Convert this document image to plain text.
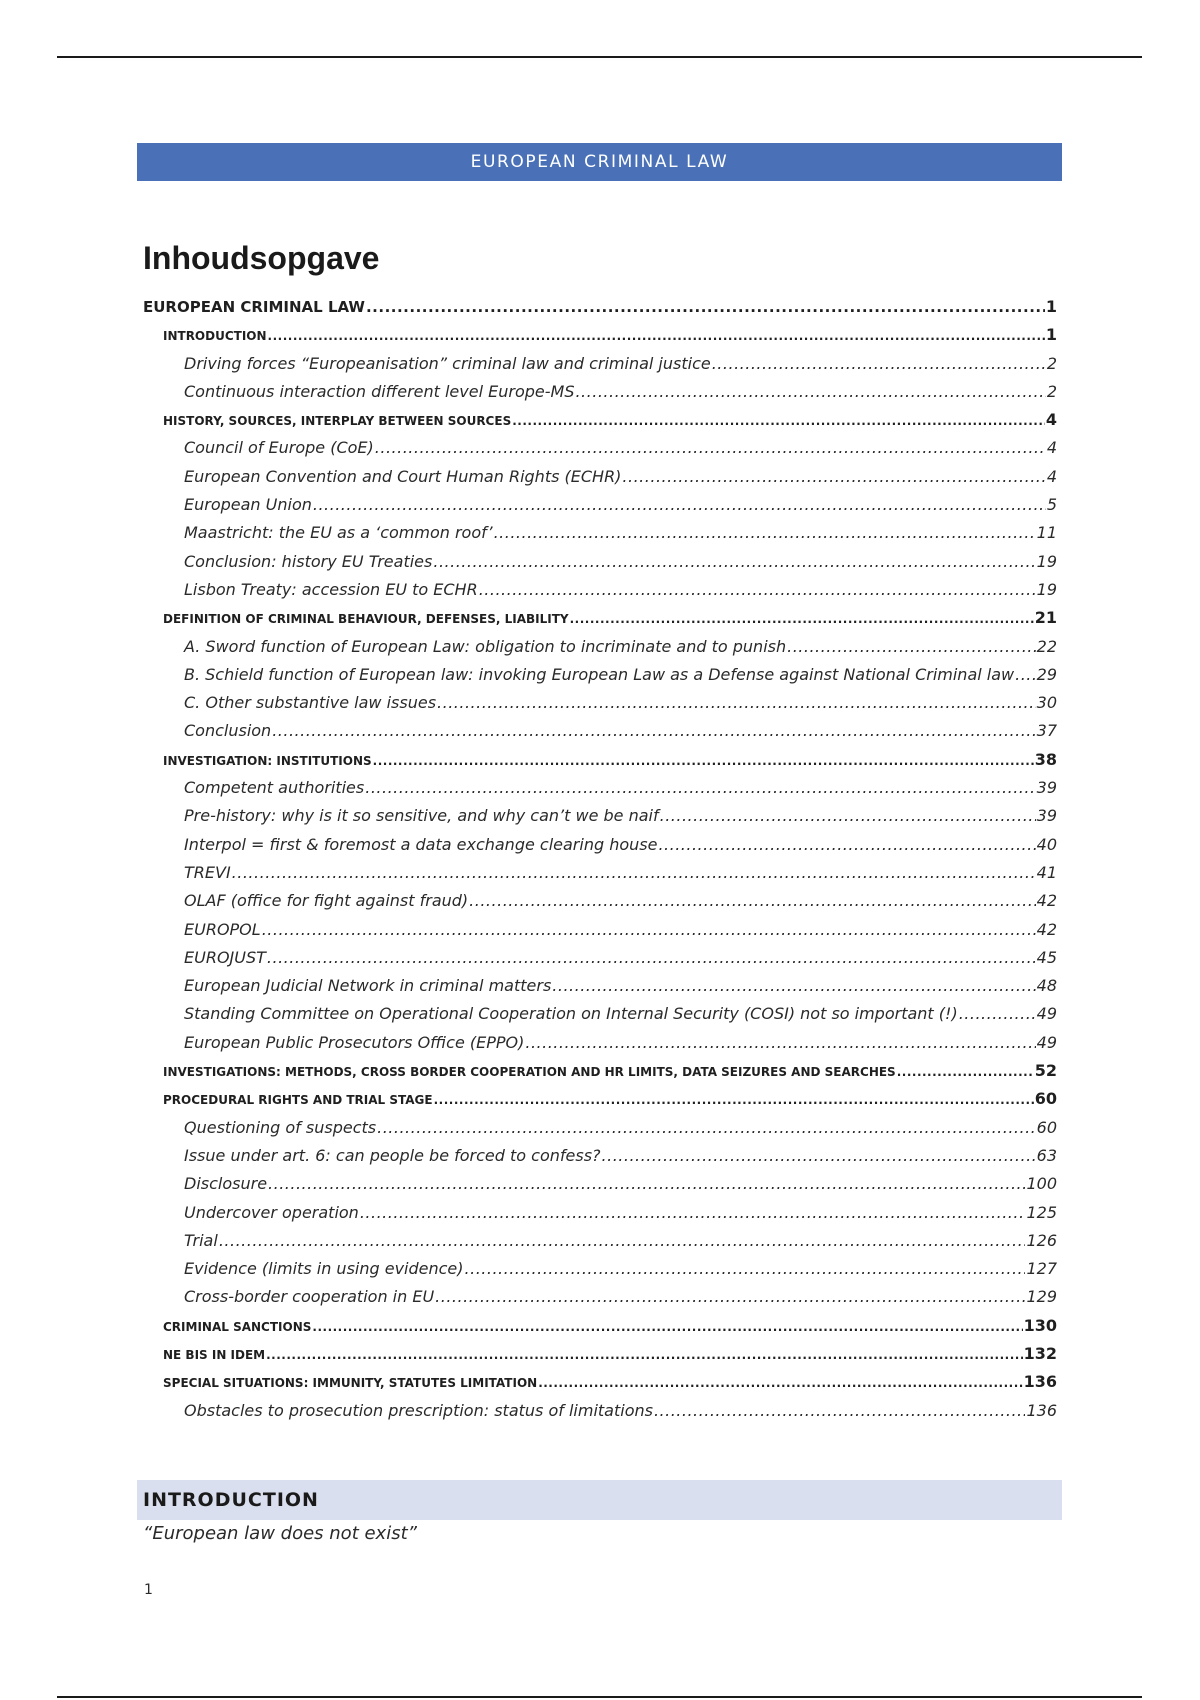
EUROPEAN CRIMINAL LAW
Inhoudsopgave
EUROPEAN CRIMINAL LAW .....	1
INTRODUCTION .....	1
Driving forces “Europeanisation” criminal law and criminal justice .....	2
Continuous interaction different level Europe-MS .....	2
HISTORY, SOURCES, INTERPLAY BETWEEN SOURCES .....	4
Council of Europe (CoE) .....	4
European Convention and Court Human Rights (ECHR) .....	4
European Union .....	5
Maastricht: the EU as a ‘common roof’ .....	11
Conclusion: history EU Treaties .....	19
Lisbon Treaty: accession EU to ECHR .....	19
DEFINITION OF CRIMINAL BEHAVIOUR, DEFENSES, LIABILITY .....	21
A. Sword function of European Law: obligation to incriminate and to punish .....	22
B. Schield function of European law: invoking European Law as a Defense against National Criminal law ..... 29
C. Other substantive law issues .....	30
Conclusion .....	37
INVESTIGATION: INSTITUTIONS .....	38
Competent authorities .....	39
Pre-history: why is it so sensitive, and why can’t we be naif .....	39
Interpol = first & foremost a data exchange clearing house .....	40
TREVI .....	41
OLAF (office for fight against fraud) .....	42
EUROPOL .....	42
EUROJUST .....	45
European Judicial Network in criminal matters .....	48
Standing Committee on Operational Cooperation on Internal Security (COSI) not so important (!) .....	49
European Public Prosecutors Office (EPPO) .....	49
INVESTIGATIONS: METHODS, CROSS BORDER COOPERATION AND HR LIMITS, DATA SEIZURES AND SEARCHES .....	52
PROCEDURAL RIGHTS AND TRIAL STAGE .....	60
Questioning of suspects .....	60
Issue under art. 6: can people be forced to confess? .....	63
Disclosure .....	100
Undercover operation .....	125
Trial .....	126
Evidence (limits in using evidence) .....	127
Cross-border cooperation in EU .....	129
CRIMINAL SANCTIONS .....	130
NE BIS IN IDEM .....	132
SPECIAL SITUATIONS: IMMUNITY, STATUTES LIMITATION .....	136
Obstacles to prosecution prescription: status of limitations .....	136
INTRODUCTION

“European law does not exist”

1
